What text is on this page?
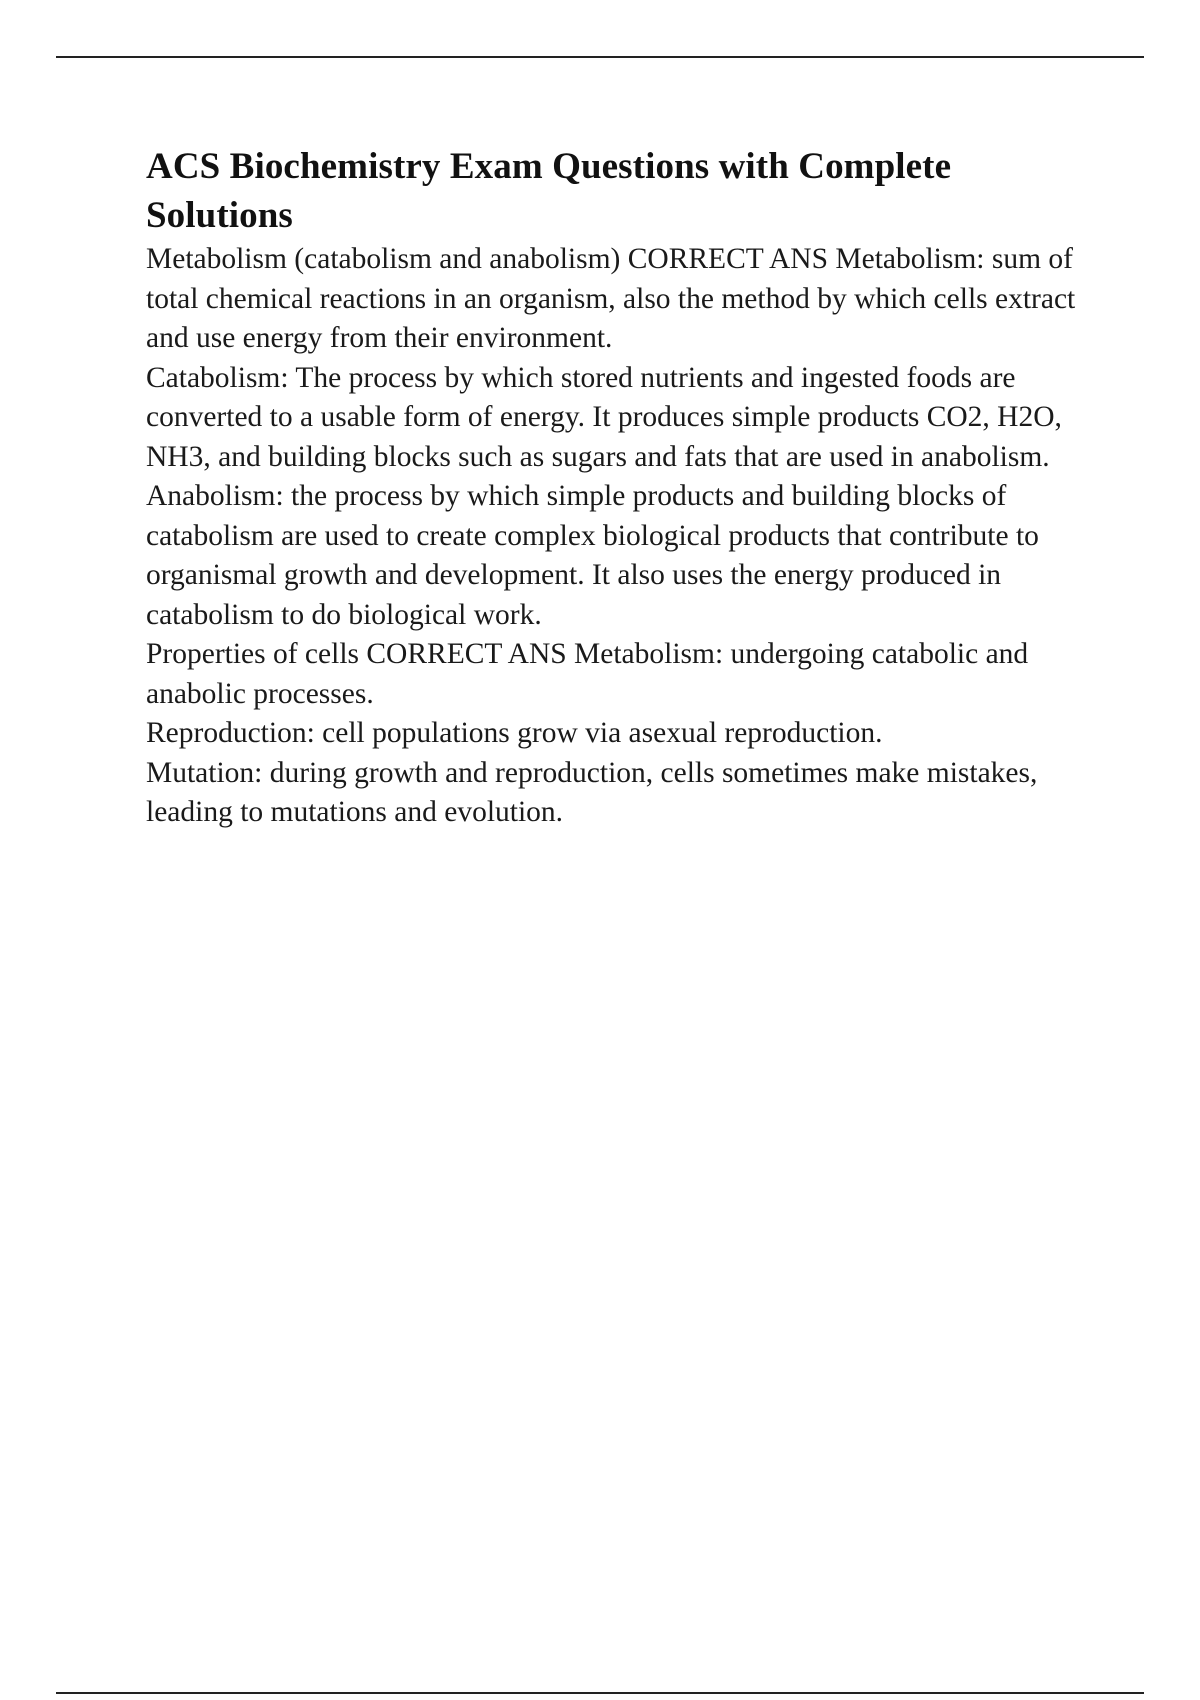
ACS Biochemistry Exam Questions with Complete Solutions

Metabolism (catabolism and anabolism) CORRECT ANS Metabolism: sum of total chemical reactions in an organism, also the method by which cells extract and use energy from their environment.

Catabolism: The process by which stored nutrients and ingested foods are converted to a usable form of energy. It produces simple products CO2, H2O, NH3, and building blocks such as sugars and fats that are used in anabolism.

Anabolism: the process by which simple products and building blocks of catabolism are used to create complex biological products that contribute to organismal growth and development. It also uses the energy produced in catabolism to do biological work.

Properties of cells CORRECT ANS Metabolism: undergoing catabolic and anabolic processes.

Reproduction: cell populations grow via asexual reproduction.

Mutation: during growth and reproduction, cells sometimes make mistakes, leading to mutations and evolution.
